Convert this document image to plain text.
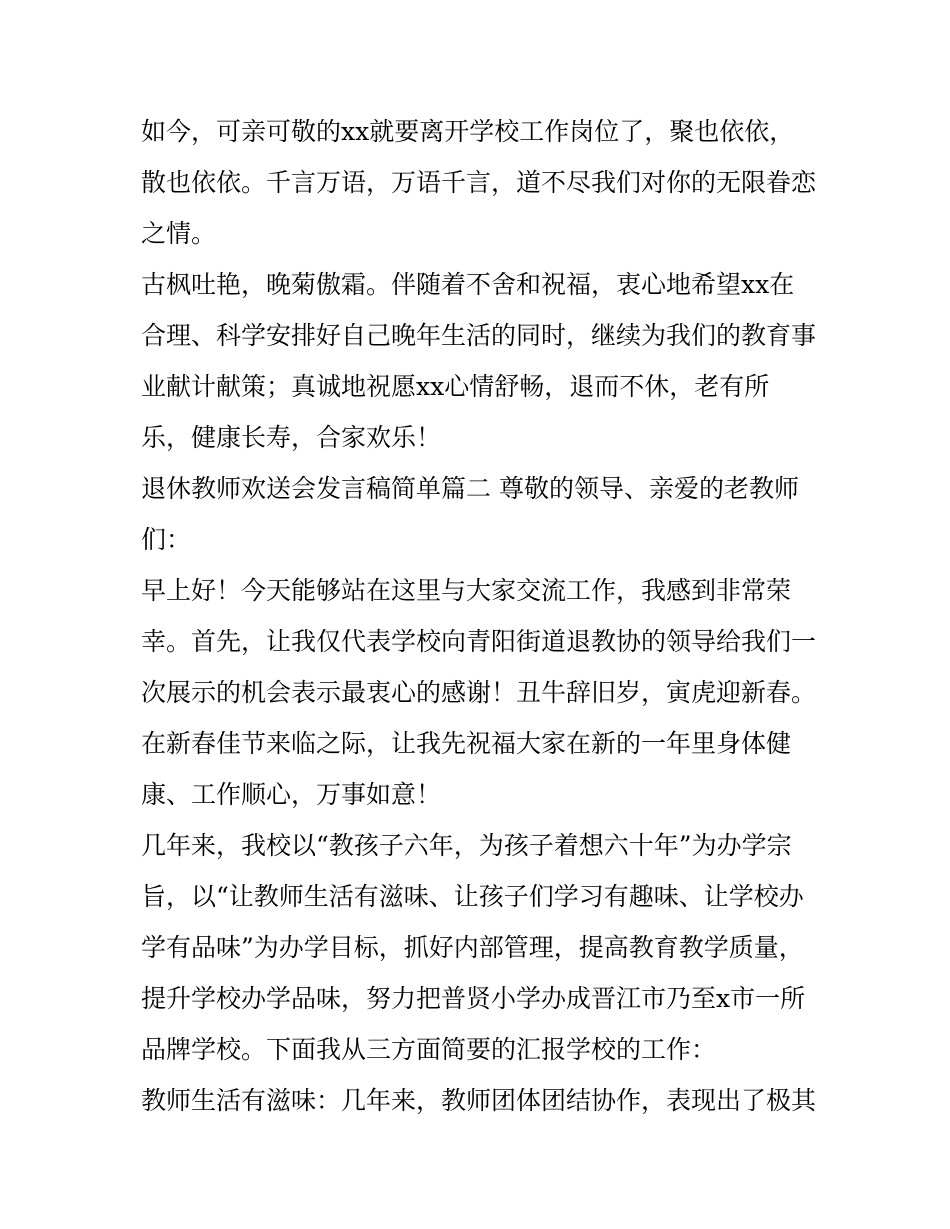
如今，可亲可敬的xx就要离开学校工作岗位了，聚也依依，
散也依依。千言万语，万语千言，道不尽我们对你的无限眷恋
之情。
古枫吐艳，晚菊傲霜。伴随着不舍和祝福，衷心地希望xx在
合理、科学安排好自己晚年生活的同时，继续为我们的教育事
业献计献策；真诚地祝愿xx心情舒畅，退而不休，老有所
乐，健康长寿，合家欢乐！
退休教师欢送会发言稿简单篇二 尊敬的领导、亲爱的老教师
们：
早上好！今天能够站在这里与大家交流工作，我感到非常荣
幸。首先，让我仅代表学校向青阳街道退教协的领导给我们一
次展示的机会表示最衷心的感谢！丑牛辞旧岁，寅虎迎新春。
在新春佳节来临之际，让我先祝福大家在新的一年里身体健
康、工作顺心，万事如意！
几年来，我校以“教孩子六年，为孩子着想六十年”为办学宗
旨，以“让教师生活有滋味、让孩子们学习有趣味、让学校办
学有品味”为办学目标，抓好内部管理，提高教育教学质量，
提升学校办学品味，努力把普贤小学办成晋江市乃至x市一所
品牌学校。下面我从三方面简要的汇报学校的工作：
教师生活有滋味：几年来，教师团体团结协作，表现出了极其
